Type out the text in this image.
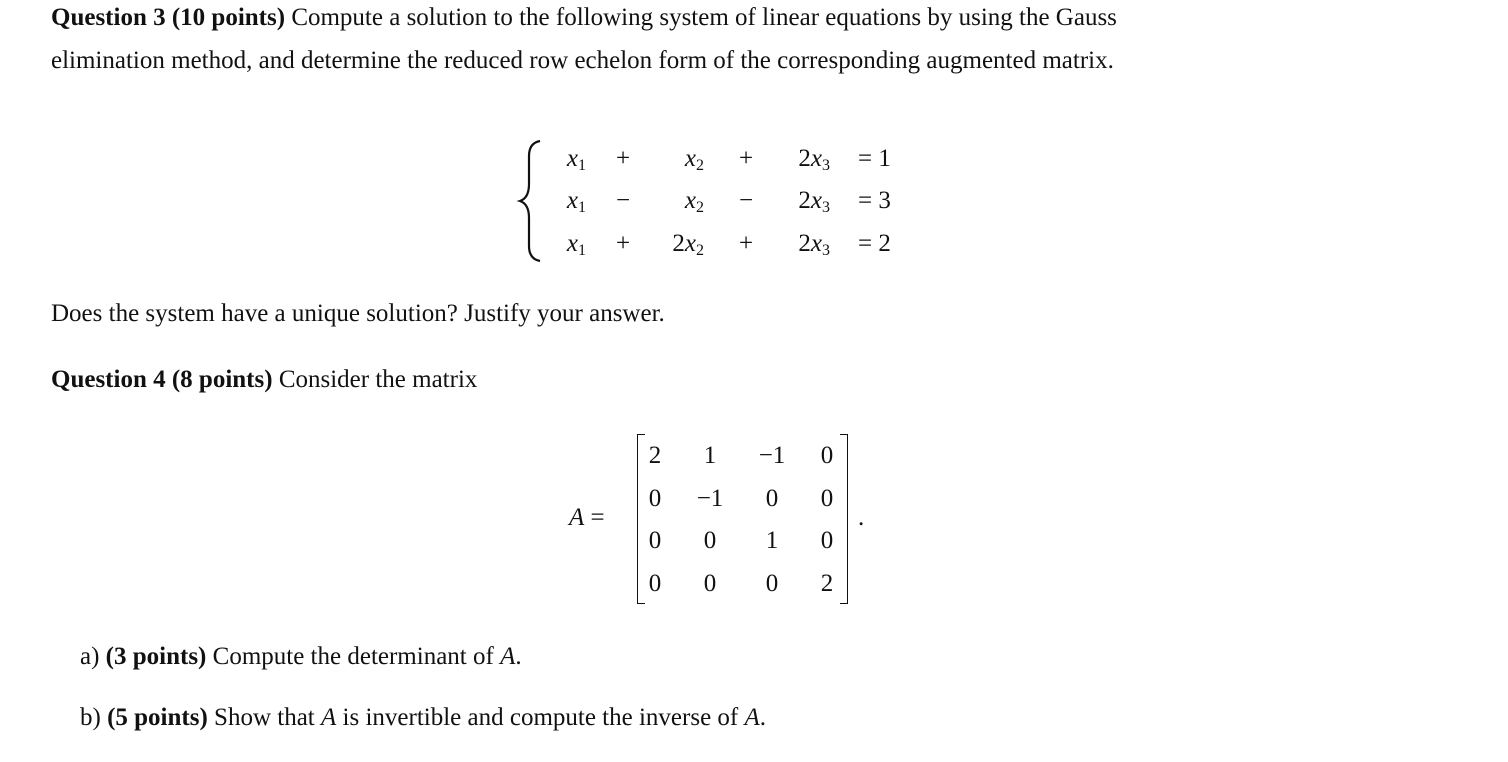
Question 3 (10 points) Compute a solution to the following system of linear equations by using the Gauss

elimination method, and determine the reduced row echelon form of the corresponding augmented matrix.

$x_1$	+	$x_2$	+	$2x_3 = 1$
$x_1$	−	$x_2$	−	$2x_3 = 3$
$x_1$	+	$2x_2$	+	$2x_3 = 2$

Does the system have a unique solution? Justify your answer.

Question 4 (8 points) Consider the matrix

A =
2	1	−1	0
0	−1	0	0
0	0	1	0
0	0	0	2
.

a) (3 points) Compute the determinant of A.

b) (5 points) Show that A is invertible and compute the inverse of A.
